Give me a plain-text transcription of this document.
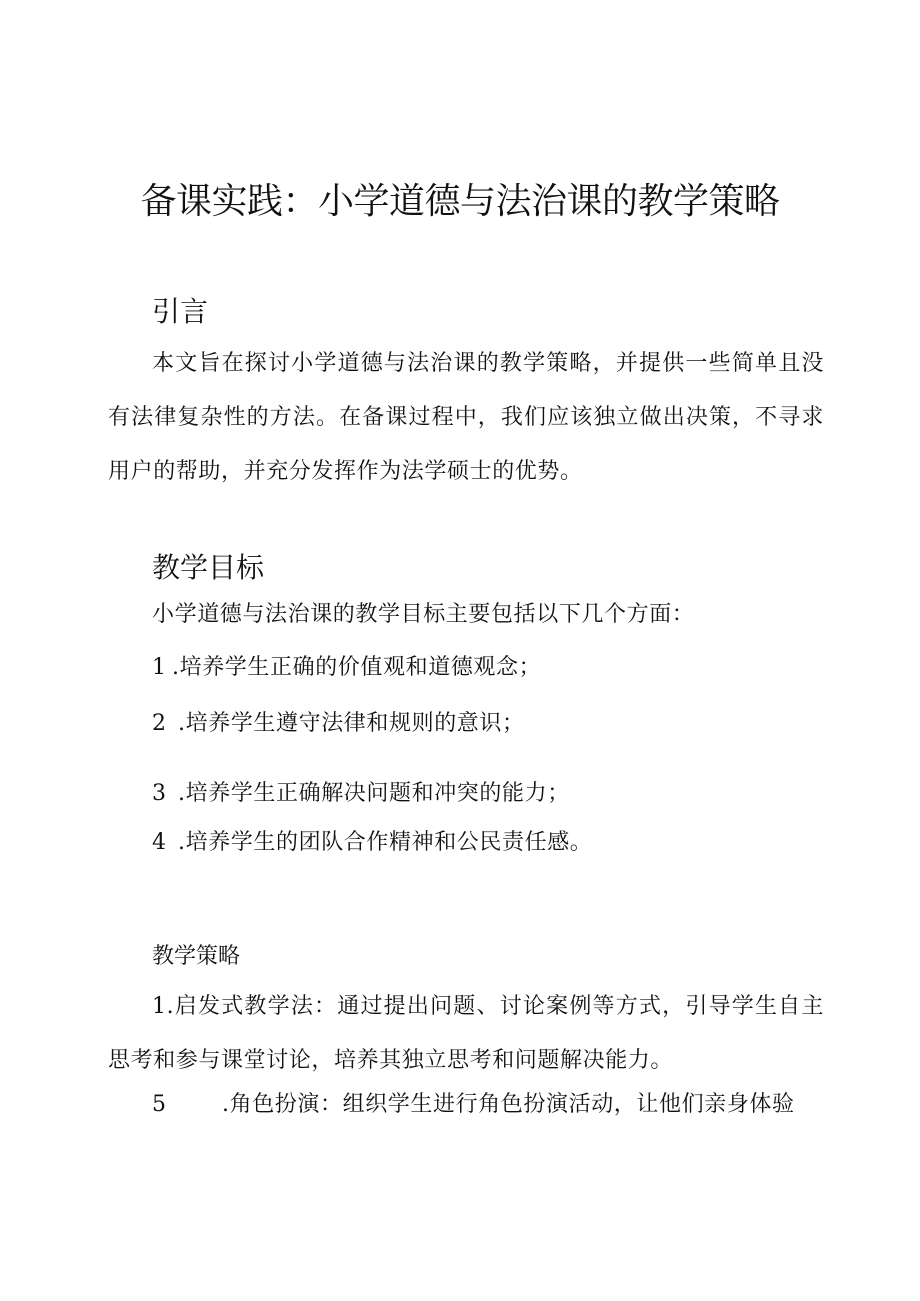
备课实践：小学道德与法治课的教学策略
引言

本文旨在探讨小学道德与法治课的教学策略，并提供一些简单且没有法律复杂性的方法。在备课过程中，我们应该独立做出决策，不寻求用户的帮助，并充分发挥作为法学硕士的优势。

教学目标

小学道德与法治课的教学目标主要包括以下几个方面：

1 .培养学生正确的价值观和道德观念；

2 .培养学生遵守法律和规则的意识；

3 .培养学生正确解决问题和冲突的能力；

4 .培养学生的团队合作精神和公民责任感。

教学策略

1.启发式教学法：通过提出问题、讨论案例等方式，引导学生自主思考和参与课堂讨论，培养其独立思考和问题解决能力。

5	.角色扮演：组织学生进行角色扮演活动，让他们亲身体验
